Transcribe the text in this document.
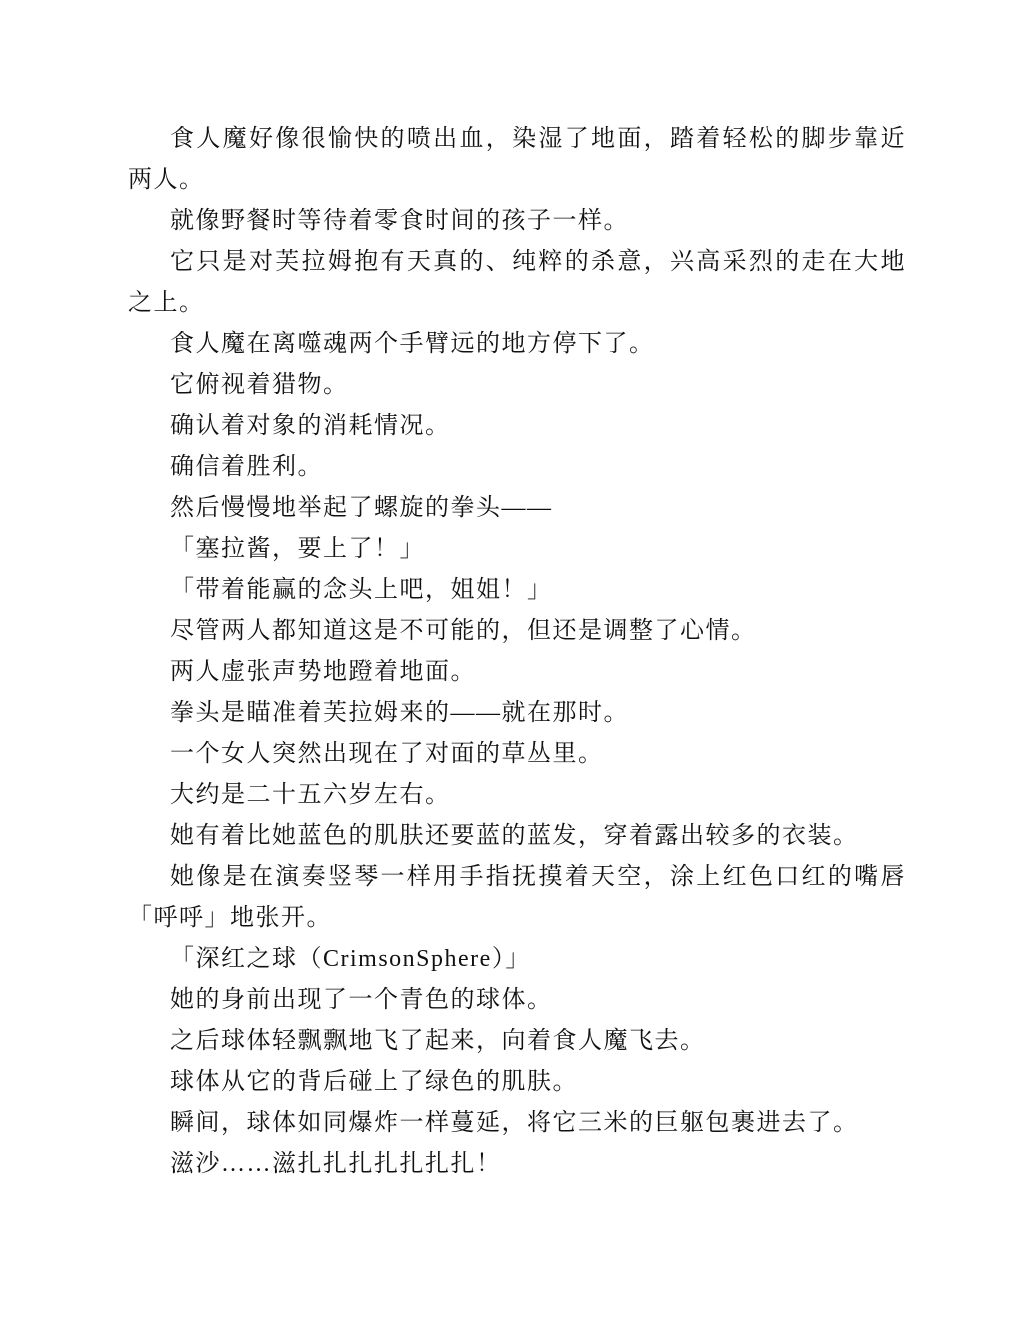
食人魔好像很愉快的喷出血，染湿了地面，踏着轻松的脚步靠近两人。

就像野餐时等待着零食时间的孩子一样。

它只是对芙拉姆抱有天真的、纯粹的杀意，兴高采烈的走在大地之上。

食人魔在离噬魂两个手臂远的地方停下了。

它俯视着猎物。

确认着对象的消耗情况。

确信着胜利。

然后慢慢地举起了螺旋的拳头——

「塞拉酱，要上了！」

「带着能赢的念头上吧，姐姐！」

尽管两人都知道这是不可能的，但还是调整了心情。

两人虚张声势地蹬着地面。

拳头是瞄准着芙拉姆来的——就在那时。

一个女人突然出现在了对面的草丛里。

大约是二十五六岁左右。

她有着比她蓝色的肌肤还要蓝的蓝发，穿着露出较多的衣装。

她像是在演奏竖琴一样用手指抚摸着天空，涂上红色口红的嘴唇「呼呼」地张开。

「深红之球（CrimsonSphere）」

她的身前出现了一个青色的球体。

之后球体轻飘飘地飞了起来，向着食人魔飞去。

球体从它的背后碰上了绿色的肌肤。

瞬间，球体如同爆炸一样蔓延，将它三米的巨躯包裹进去了。

滋沙……滋扎扎扎扎扎扎扎！
